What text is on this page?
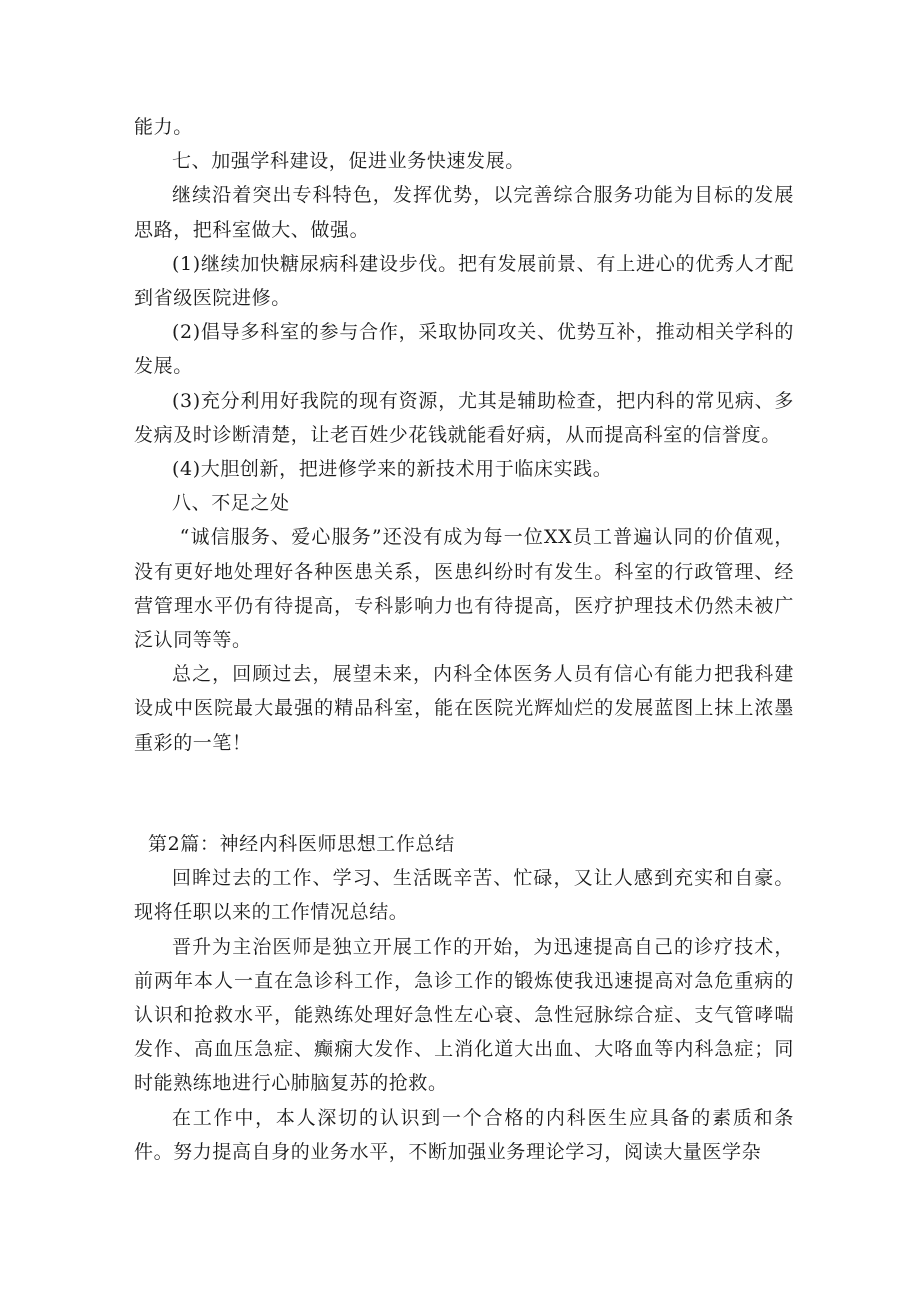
能力。

七、加强学科建设，促进业务快速发展。

继续沿着突出专科特色，发挥优势，以完善综合服务功能为目标的发展思路，把科室做大、做强。

(1)继续加快糖尿病科建设步伐。把有发展前景、有上进心的优秀人才配到省级医院进修。

(2)倡导多科室的参与合作，采取协同攻关、优势互补，推动相关学科的发展。

(3)充分利用好我院的现有资源，尤其是辅助检查，把内科的常见病、多发病及时诊断清楚，让老百姓少花钱就能看好病，从而提高科室的信誉度。

(4)大胆创新，把进修学来的新技术用于临床实践。

八、不足之处

“诚信服务、爱心服务”还没有成为每一位XX员工普遍认同的价值观，没有更好地处理好各种医患关系，医患纠纷时有发生。科室的行政管理、经营管理水平仍有待提高，专科影响力也有待提高，医疗护理技术仍然未被广泛认同等等。

总之，回顾过去，展望未来，内科全体医务人员有信心有能力把我科建设成中医院最大最强的精品科室，能在医院光辉灿烂的发展蓝图上抹上浓墨重彩的一笔！

第2篇：神经内科医师思想工作总结

回眸过去的工作、学习、生活既辛苦、忙碌，又让人感到充实和自豪。现将任职以来的工作情况总结。

晋升为主治医师是独立开展工作的开始，为迅速提高自己的诊疗技术，前两年本人一直在急诊科工作，急诊工作的锻炼使我迅速提高对急危重病的认识和抢救水平，能熟练处理好急性左心衰、急性冠脉综合症、支气管哮喘发作、高血压急症、癫痫大发作、上消化道大出血、大咯血等内科急症；同时能熟练地进行心肺脑复苏的抢救。

在工作中，本人深切的认识到一个合格的内科医生应具备的素质和条件。努力提高自身的业务水平，不断加强业务理论学习，阅读大量医学杂
